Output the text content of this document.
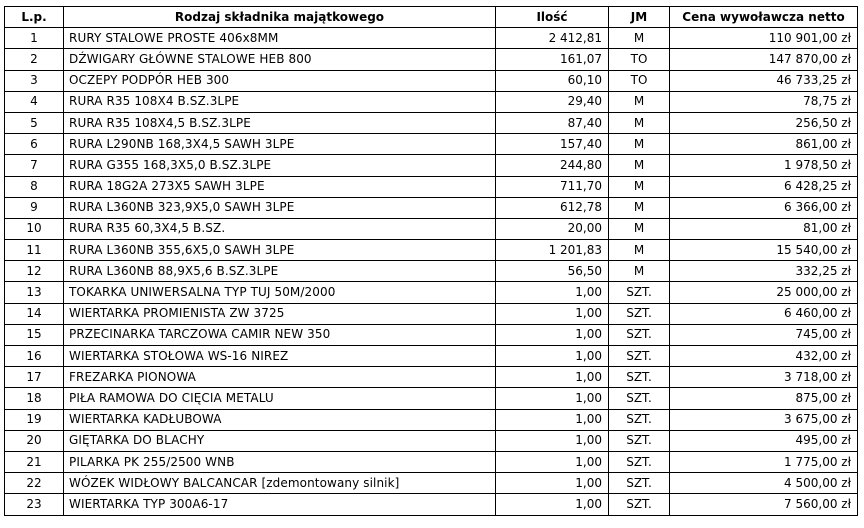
L.p.	Rodzaj składnika majątkowego	Ilość	JM	Cena wywoławcza netto
1	RURY STALOWE PROSTE 406x8MM	2 412,81	M	110 901,00 zł
2	DŹWIGARY GŁÓWNE STALOWE HEB 800	161,07	TO	147 870,00 zł
3	OCZEPY PODPÓR HEB 300	60,10	TO	46 733,25 zł
4	RURA R35 108X4 B.SZ.3LPE	29,40	M	78,75 zł
5	RURA R35 108X4,5 B.SZ.3LPE	87,40	M	256,50 zł
6	RURA L290NB 168,3X4,5 SAWH 3LPE	157,40	M	861,00 zł
7	RURA G355 168,3X5,0 B.SZ.3LPE	244,80	M	1 978,50 zł
8	RURA 18G2A 273X5 SAWH 3LPE	711,70	M	6 428,25 zł
9	RURA L360NB 323,9X5,0 SAWH 3LPE	612,78	M	6 366,00 zł
10	RURA R35 60,3X4,5 B.SZ.	20,00	M	81,00 zł
11	RURA L360NB 355,6X5,0 SAWH 3LPE	1 201,83	M	15 540,00 zł
12	RURA L360NB 88,9X5,6 B.SZ.3LPE	56,50	M	332,25 zł
13	TOKARKA UNIWERSALNA TYP TUJ 50M/2000	1,00	SZT.	25 000,00 zł
14	WIERTARKA PROMIENISTA ZW 3725	1,00	SZT.	6 460,00 zł
15	PRZECINARKA TARCZOWA CAMIR NEW 350	1,00	SZT.	745,00 zł
16	WIERTARKA STOŁOWA WS-16 NIREZ	1,00	SZT.	432,00 zł
17	FREZARKA PIONOWA	1,00	SZT.	3 718,00 zł
18	PIŁA RAMOWA DO CIĘCIA METALU	1,00	SZT.	875,00 zł
19	WIERTARKA KADŁUBOWA	1,00	SZT.	3 675,00 zł
20	GIĘTARKA DO BLACHY	1,00	SZT.	495,00 zł
21	PILARKA PK 255/2500 WNB	1,00	SZT.	1 775,00 zł
22	WÓZEK WIDŁOWY BALCANCAR [zdemontowany silnik]	1,00	SZT.	4 500,00 zł
23	WIERTARKA TYP 300A6-17	1,00	SZT.	7 560,00 zł
